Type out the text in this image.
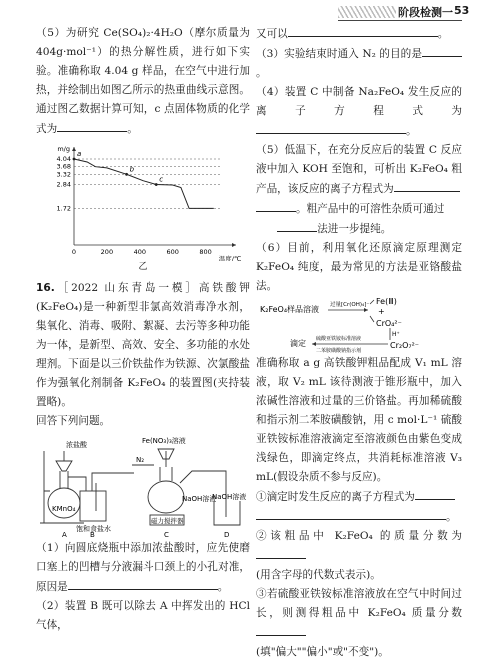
阶段检测一 53

（5）为研究 Ce(SO₄)₂·4H₂O（摩尔质量为 404g·mol⁻¹）的热分解性质，进行如下实验。准确称取 4.04 g 样品，在空气中进行加热，并绘制出如图乙所示的热重曲线示意图。通过图乙数据计算可知，c 点固体物质的化学式为	。

m/g
温度/℃
0	200	400	600	800
1.72
2.84
3.32
3.68
4.04
a
b
c
乙

16.［2022 山东青岛一模］高铁酸钾(K₂FeO₄)是一种新型非氯高效消毒净水剂，集氧化、消毒、吸附、絮凝、去污等多种功能为一体，是新型、高效、安全、多功能的水处理剂。下面是以三价铁盐作为铁源、次氯酸盐作为强氧化剂制备 K₂FeO₄ 的装置图(夹持装置略)。

回答下列问题。

浓盐酸
KMnO₄
饱和食盐水
N₂
Fe(NO₃)₃溶液
NaOH溶液
磁力搅拌器
NaOH溶液
A	B	C	D

（1）向圆底烧瓶中添加浓盐酸时，应先使磨口塞上的凹槽与分液漏斗口颈上的小孔对准，原因是	。

（2）装置 B 既可以除去 A 中挥发出的 HCl 气体，

又可以	。

（3）实验结束时通入 N₂ 的目的是。

（4）装置 C 中制备 Na₂FeO₄ 发生反应的离子方程式为。

（5）低温下，在充分反应后的装置 C 反应液中加入 KOH 至饱和，可析出 K₂FeO₄ 粗产品，该反应的离子方程式为

。粗产品中的可溶性杂质可通过

法进一步提纯。

（6）目前，利用氧化还原滴定原理测定 K₂FeO₄ 纯度，最为常见的方法是亚铬酸盐法。

K₂FeO₄样品溶液 过量[Cr(OH)₄]⁻ Fe(Ⅲ)
+
CrO₄²⁻
H⁺
滴定 硫酸亚铁铵标准溶液
二苯胺磺酸钠指示剂
Cr₂O₇²⁻

准确称取 a g 高铁酸钾粗品配成 V₁ mL 溶液，取 V₂ mL 该待测液于锥形瓶中，加入浓碱性溶液和过量的三价铬盐。再加稀硫酸和指示剂二苯胺磺酸钠，用 c mol·L⁻¹ 硫酸亚铁铵标准溶液滴定至溶液颜色由紫色变成浅绿色，即滴定终点，共消耗标准溶液 V₃ mL(假设杂质不参与反应)。

①滴定时发生反应的离子方程式为

。

②该粗品中 K₂FeO₄ 的质量分数为

(用含字母的代数式表示)。

③若硫酸亚铁铵标准溶液放在空气中时间过长，则测得粗品中 K₂FeO₄ 质量分数

(填"偏大""偏小"或"不变")。
